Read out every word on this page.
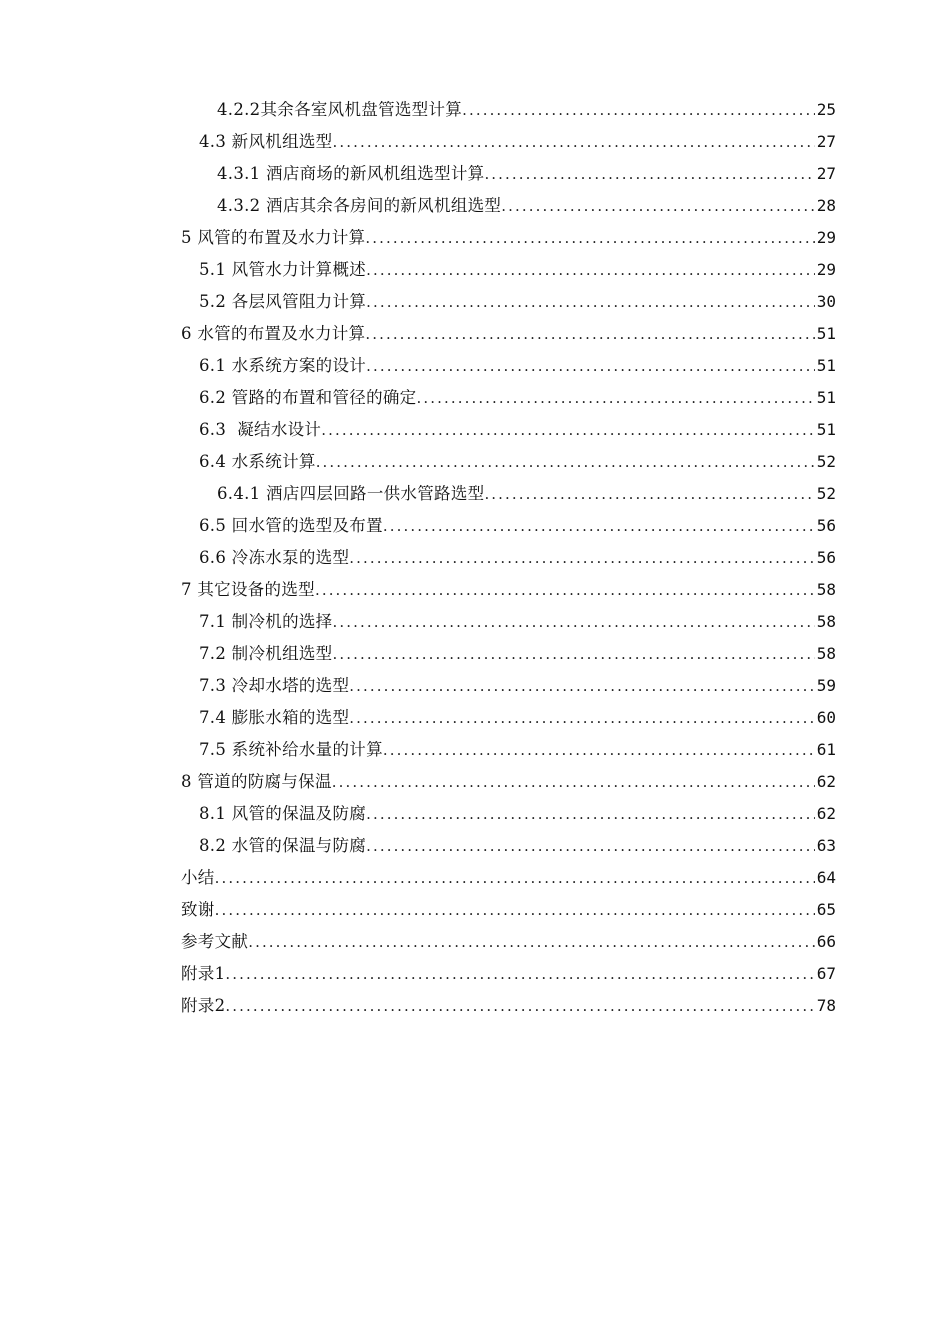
4.2.2其余各室风机盘管选型计算 .....	25
4.3 新风机组选型 .....	27
4.3.1 酒店商场的新风机组选型计算 .....	27
4.3.2 酒店其余各房间的新风机组选型 .....	28
5 风管的布置及水力计算 .....	29
5.1 风管水力计算概述 .....	29
5.2 各层风管阻力计算 .....	30
6 水管的布置及水力计算 .....	51
6.1 水系统方案的设计 .....	51
6.2 管路的布置和管径的确定 .....	51
6.3  凝结水设计 .....	51
6.4 水系统计算 .....	52
6.4.1 酒店四层回路一供水管路选型 .....	52
6.5 回水管的选型及布置 .....	56
6.6 冷冻水泵的选型 .....	56
7 其它设备的选型 .....	58
7.1 制冷机的选择 .....	58
7.2 制冷机组选型 .....	58
7.3 冷却水塔的选型 .....	59
7.4 膨胀水箱的选型 .....	60
7.5 系统补给水量的计算 .....	61
8 管道的防腐与保温 .....	62
8.1 风管的保温及防腐 .....	62
8.2 水管的保温与防腐 .....	63
小结 .....	64
致谢 .....	65
参考文献 .....	66
附录1 .....	67
附录2 .....	78
